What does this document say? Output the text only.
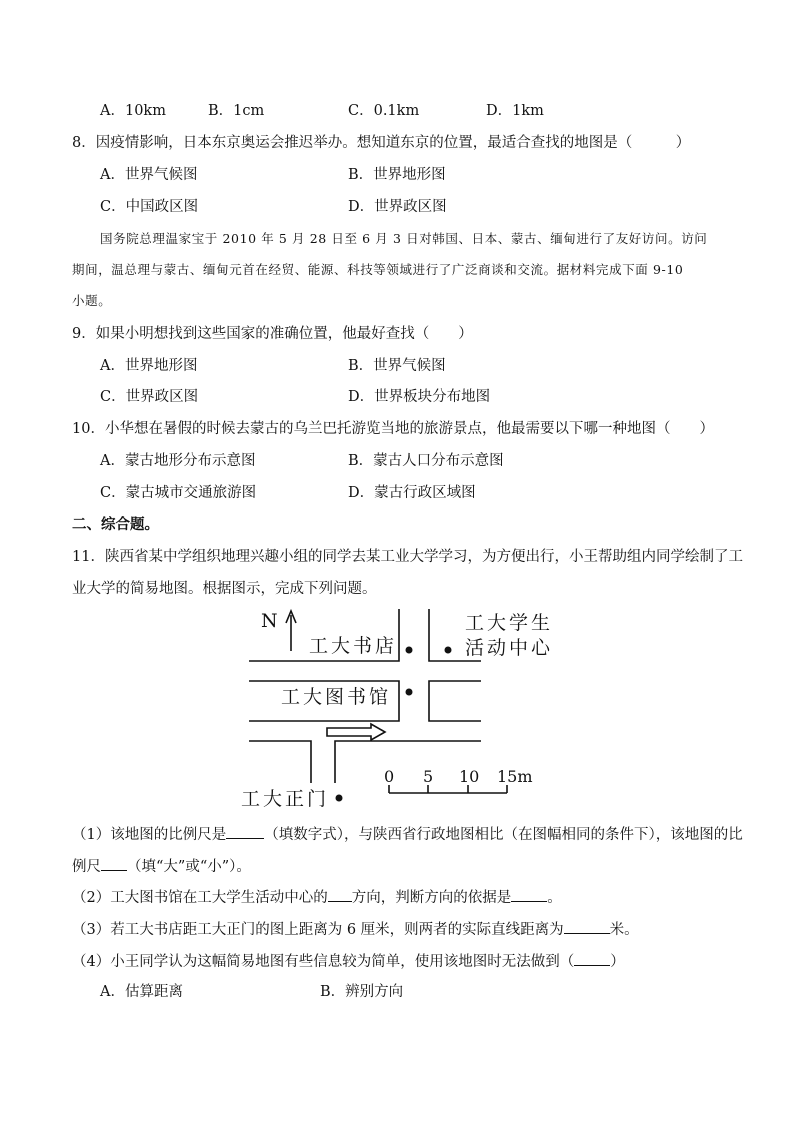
A．10km	B．1cm	C．0.1km	D．1km
8．因疫情影响，日本东京奥运会推迟举办。想知道东京的位置，最适合查找的地图是（　　　）
A．世界气候图	B．世界地形图
C．中国政区图	D．世界政区图
国务院总理温家宝于 2010 年 5 月 28 日至 6 月 3 日对韩国、日本、蒙古、缅甸进行了友好访问。访问
期间，温总理与蒙古、缅甸元首在经贸、能源、科技等领域进行了广泛商谈和交流。据材料完成下面 9-10
小题。
9．如果小明想找到这些国家的准确位置，他最好查找（　　）
A．世界地形图	B．世界气候图
C．世界政区图	D．世界板块分布地图
10．小华想在暑假的时候去蒙古的乌兰巴托游览当地的旅游景点，他最需要以下哪一种地图（　　）
A．蒙古地形分布示意图	B．蒙古人口分布示意图
C．蒙古城市交通旅游图	D．蒙古行政区域图
二、综合题。
11．陕西省某中学组织地理兴趣小组的同学去某工业大学学习，为方便出行，小王帮助组内同学绘制了工
业大学的简易地图。根据图示，完成下列问题。
N
工大书店
工大学生
活动中心
工大图书馆
工大正门
0 5 10 15m
（1）该地图的比例尺是	（填数字式），与陕西省行政地图相比（在图幅相同的条件下），该地图的比
例尺 （填“大”或“小”）。
（2）工大图书馆在工大学生活动中心的 方向，判断方向的依据是 。
（3）若工大书店距工大正门的图上距离为 6 厘米，则两者的实际直线距离为	米。
（4）小王同学认为这幅简易地图有些信息较为简单，使用该地图时无法做到（ ）
A．估算距离	B．辨别方向
